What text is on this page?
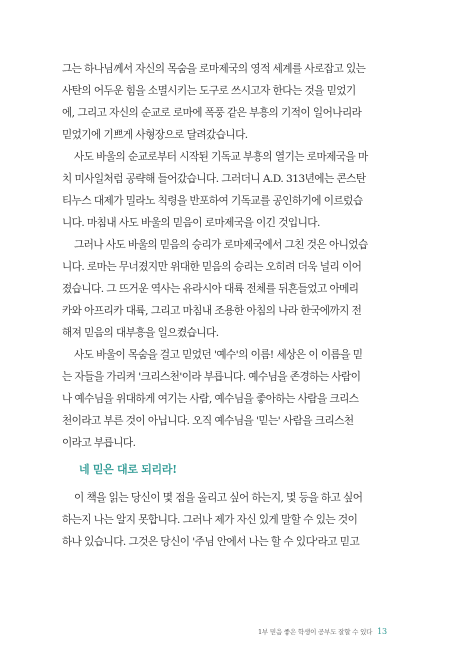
그는 하나님께서 자신의 목숨을 로마제국의 영적 세계를 사로잡고 있는
사탄의 어두운 힘을 소멸시키는 도구로 쓰시고자 한다는 것을 믿었기
에, 그리고 자신의 순교로 로마에 폭풍 같은 부흥의 기적이 일어나리라
믿었기에 기쁘게 사형장으로 달려갔습니다.
사도 바울의 순교로부터 시작된 기독교 부흥의 열기는 로마제국을 마
치 미사일처럼 공략해 들어갔습니다. 그러더니 A.D. 313년에는 콘스탄
티누스 대제가 밀라노 칙령을 반포하여 기독교를 공인하기에 이르렀습
니다. 마침내 사도 바울의 믿음이 로마제국을 이긴 것입니다.
그러나 사도 바울의 믿음의 승리가 로마제국에서 그친 것은 아니었습
니다. 로마는 무너졌지만 위대한 믿음의 승리는 오히려 더욱 널리 이어
졌습니다. 그 뜨거운 역사는 유라시아 대륙 전체를 뒤흔들었고 아메리
카와 아프리카 대륙, 그리고 마침내 조용한 아침의 나라 한국에까지 전
해져 믿음의 대부흥을 일으켰습니다.
사도 바울이 목숨을 걸고 믿었던 '예수'의 이름! 세상은 이 이름을 믿
는 자들을 가리켜 '크리스천'이라 부릅니다. 예수님을 존경하는 사람이
나 예수님을 위대하게 여기는 사람, 예수님을 좋아하는 사람을 크리스
천이라고 부른 것이 아닙니다. 오직 예수님을 '믿는' 사람을 크리스천
이라고 부릅니다.
네 믿은 대로 되리라!
이 책을 읽는 당신이 몇 점을 올리고 싶어 하는지, 몇 등을 하고 싶어
하는지 나는 알지 못합니다. 그러나 제가 자신 있게 말할 수 있는 것이
하나 있습니다. 그것은 당신이 '주님 안에서 나는 할 수 있다'라고 믿고
1부 믿음 좋은 학생이 공부도 잘할 수 있다 13
